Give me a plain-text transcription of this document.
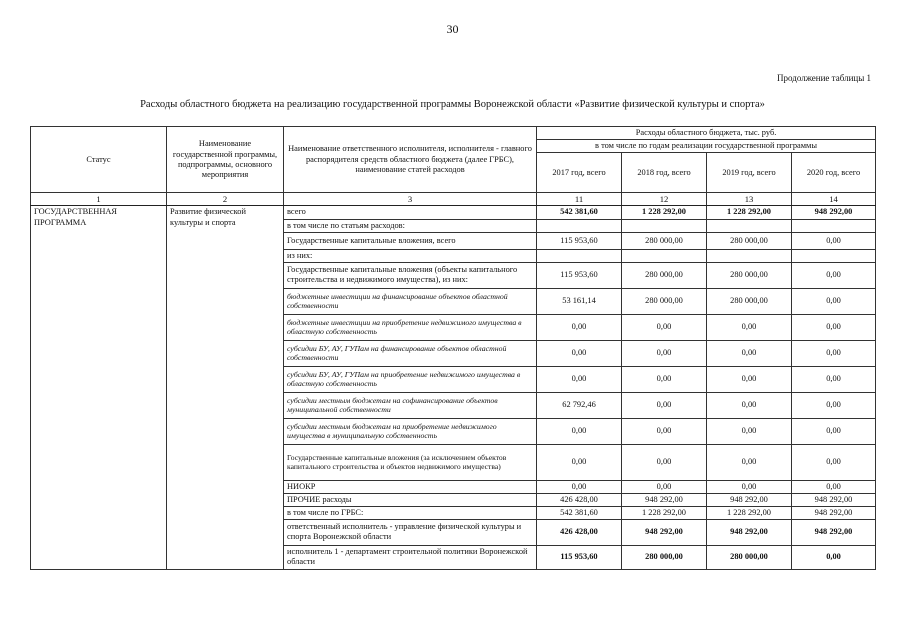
30
Продолжение таблицы 1
Расходы областного бюджета на реализацию государственной программы Воронежской области «Развитие физической культуры и спорта»
Статус	Наименование государственной программы, подпрограммы, основного мероприятия	Наименование ответственного исполнителя, исполнителя - главного распорядителя средств областного бюджета (далее ГРБС), наименование статей расходов	Расходы областного бюджета, тыс. руб.			
			в том числе по годам реализации государственной программы			
			2017 год, всего	2018 год, всего	2019 год, всего	2020 год, всего
1	2	3	11	12	13	14
ГОСУДАРСТВЕННАЯ ПРОГРАММА	Развитие физической культуры и спорта	всего	542 381,60	1 228 292,00	1 228 292,00	948 292,00
		в том числе по статьям расходов:				
		Государственные капитальные вложения, всего	115 953,60	280 000,00	280 000,00	0,00
		из них:				
		Государственные капитальные вложения (объекты капитального строительства и недвижимого имущества), из них:	115 953,60	280 000,00	280 000,00	0,00
		бюджетные инвестиции на финансирование объектов областной собственности	53 161,14	280 000,00	280 000,00	0,00
		бюджетные инвестиции на приобретение недвижимого имущества в областную собственность	0,00	0,00	0,00	0,00
		субсидии БУ, АУ, ГУПам на финансирование объектов областной собственности	0,00	0,00	0,00	0,00
		субсидии БУ, АУ, ГУПам на приобретение недвижимого имущества в областную собственность	0,00	0,00	0,00	0,00
		субсидии местным бюджетам на софинансирование объектов муниципальной собственности	62 792,46	0,00	0,00	0,00
		субсидии местным бюджетам на приобретение недвижимого имущества в муниципальную собственность	0,00	0,00	0,00	0,00
		Государственные капитальные вложения (за исключением объектов капитального строительства и объектов недвижимого имущества)	0,00	0,00	0,00	0,00
		НИОКР	0,00	0,00	0,00	0,00
		ПРОЧИЕ расходы	426 428,00	948 292,00	948 292,00	948 292,00
		в том числе по ГРБС:	542 381,60	1 228 292,00	1 228 292,00	948 292,00
		ответственный исполнитель - управление физической культуры и спорта Воронежской области	426 428,00	948 292,00	948 292,00	948 292,00
		исполнитель 1 - департамент строительной политики Воронежской области	115 953,60	280 000,00	280 000,00	0,00
